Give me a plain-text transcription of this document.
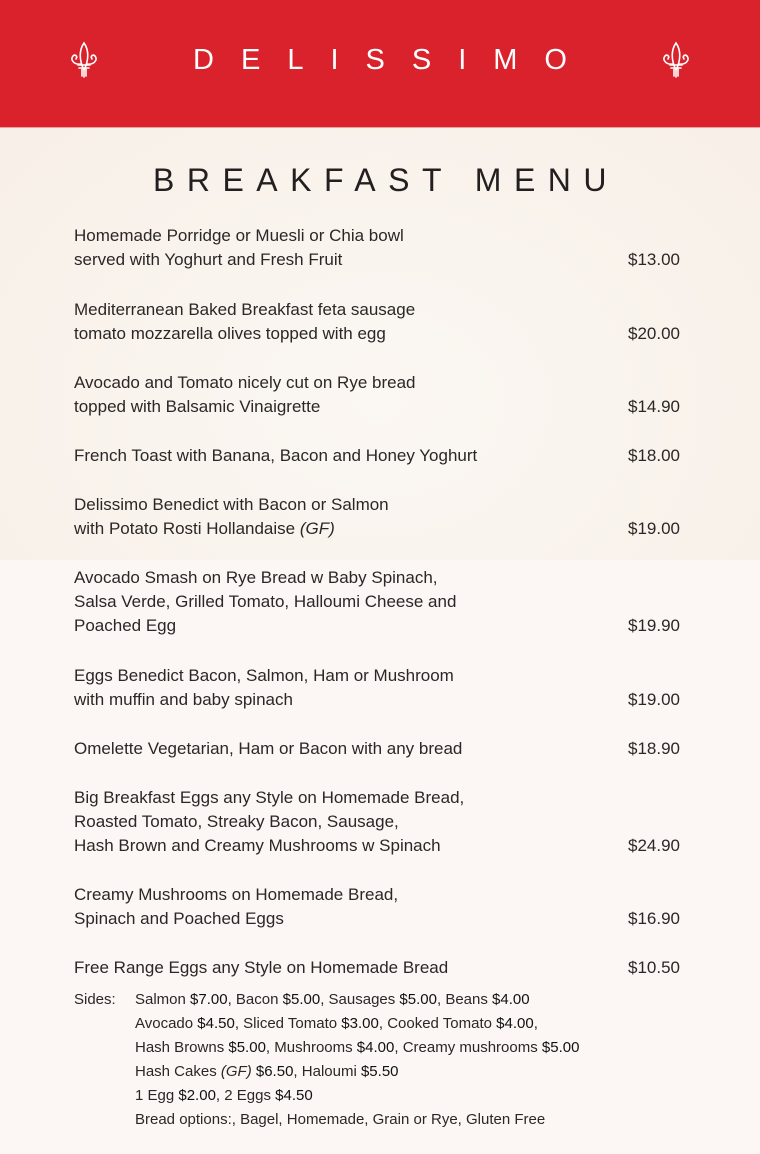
DELISSIMO
BREAKFAST MENU
Homemade Porridge or Muesli or Chia bowl
served with Yoghurt and Fresh Fruit	$13.00
Mediterranean Baked Breakfast feta sausage
tomato mozzarella olives topped with egg	$20.00
Avocado and Tomato nicely cut on Rye bread
topped with Balsamic Vinaigrette	$14.90
French Toast with Banana, Bacon and Honey Yoghurt	$18.00
Delissimo Benedict with Bacon or Salmon
with Potato Rosti Hollandaise (GF)	$19.00
Avocado Smash on Rye Bread w Baby Spinach,
Salsa Verde, Grilled Tomato, Halloumi Cheese and
Poached Egg	$19.90
Eggs Benedict Bacon, Salmon, Ham or Mushroom
with muffin and baby spinach	$19.00
Omelette Vegetarian, Ham or Bacon with any bread	$18.90
Big Breakfast Eggs any Style on Homemade Bread,
Roasted Tomato, Streaky Bacon, Sausage,
Hash Brown and Creamy Mushrooms w Spinach	$24.90
Creamy Mushrooms on Homemade Bread,
Spinach and Poached Eggs	$16.90
Free Range Eggs any Style on Homemade Bread	$10.50
Sides: Salmon $7.00, Bacon $5.00, Sausages $5.00, Beans $4.00
Avocado $4.50, Sliced Tomato $3.00, Cooked Tomato $4.00,
Hash Browns $5.00, Mushrooms $4.00, Creamy mushrooms $5.00
Hash Cakes (GF) $6.50, Haloumi $5.50
1 Egg $2.00, 2 Eggs $4.50
Bread options:, Bagel, Homemade, Grain or Rye, Gluten Free
